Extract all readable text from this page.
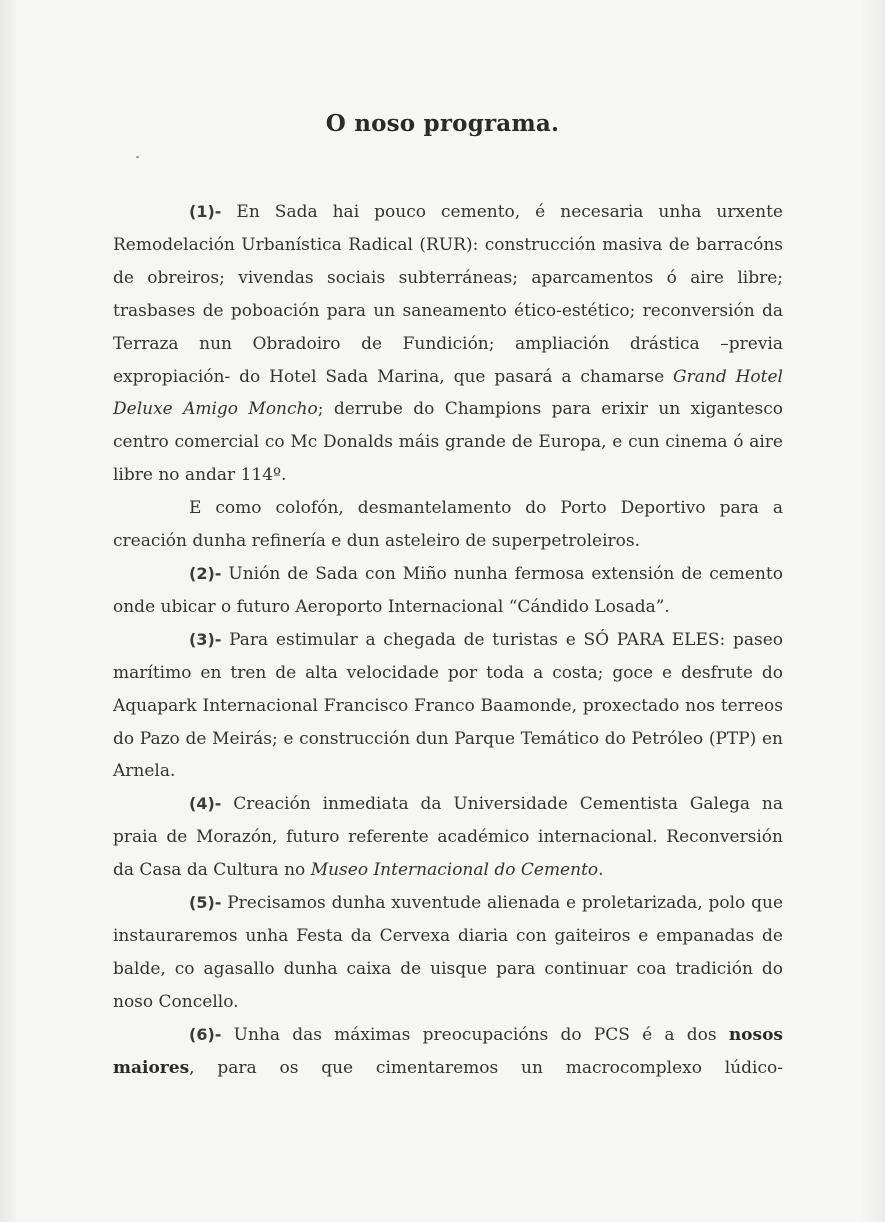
O noso programa.

(1)- En Sada hai pouco cemento, é necesaria unha urxente Remodelación Urbanística Radical (RUR): construcción masiva de barracóns de obreiros; vivendas sociais subterráneas; aparcamentos ó aire libre; trasbases de poboación para un saneamento ético-estético; reconversión da Terraza nun Obradoiro de Fundición; ampliación drástica –previa expropiación- do Hotel Sada Marina, que pasará a chamarse Grand Hotel Deluxe Amigo Moncho; derrube do Champions para erixir un xigantesco centro comercial co Mc Donalds máis grande de Europa, e cun cinema ó aire libre no andar 114º.

E como colofón, desmantelamento do Porto Deportivo para a creación dunha refinería e dun asteleiro de superpetroleiros.

(2)- Unión de Sada con Miño nunha fermosa extensión de cemento onde ubicar o futuro Aeroporto Internacional “Cándido Losada”.

(3)- Para estimular a chegada de turistas e SÓ PARA ELES: paseo marítimo en tren de alta velocidade por toda a costa; goce e desfrute do Aquapark Internacional Francisco Franco Baamonde, proxectado nos terreos do Pazo de Meirás; e construcción dun Parque Temático do Petróleo (PTP) en Arnela.

(4)- Creación inmediata da Universidade Cementista Galega na praia de Morazón, futuro referente académico internacional. Reconversión da Casa da Cultura no Museo Internacional do Cemento.

(5)- Precisamos dunha xuventude alienada e proletarizada, polo que instauraremos unha Festa da Cervexa diaria con gaiteiros e empanadas de balde, co agasallo dunha caixa de uisque para continuar coa tradición do noso Concello.

(6)- Unha das máximas preocupacións do PCS é a dos nosos maiores, para os que cimentaremos un macrocomplexo lúdico-
